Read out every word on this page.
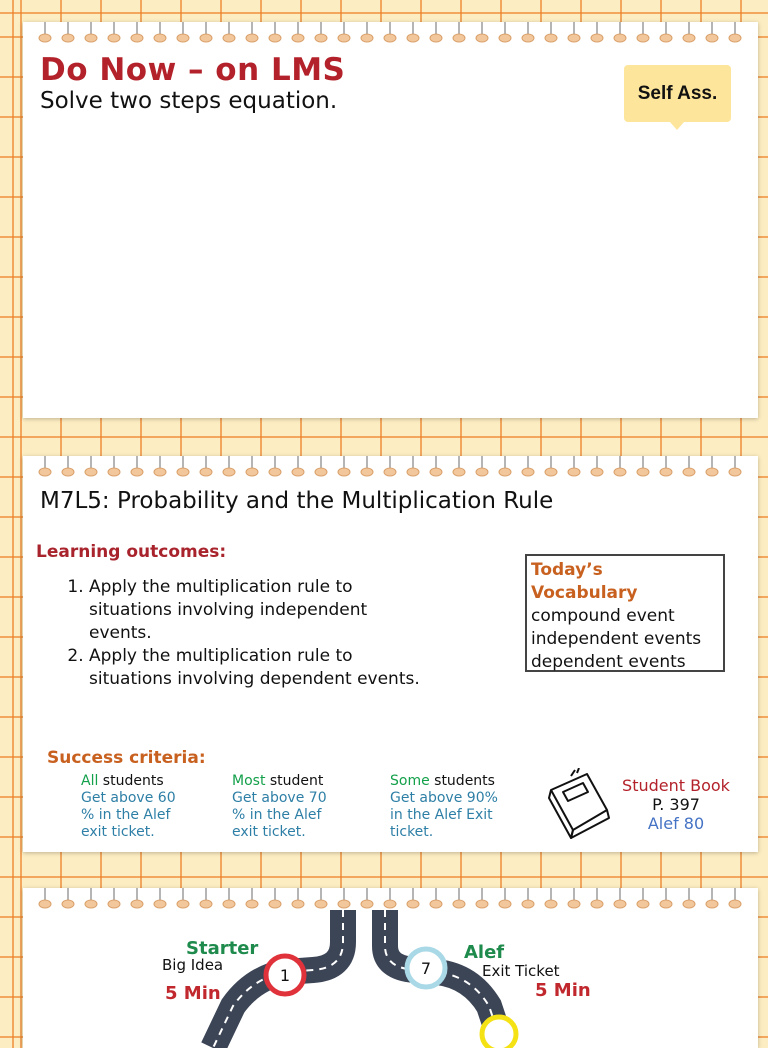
Do Now – on LMS
Solve two steps equation.	Self Ass.
M7L5: Probability and the Multiplication Rule
Learning outcomes:
1. Apply the multiplication rule to situations involving independent events.
2. Apply the multiplication rule to situations involving dependent events.
Today’s
Vocabulary
compound event
independent events
dependent events
Success criteria:
All students
Get above 60 % in the Alef exit ticket.
Most student
Get above 70 % in the Alef exit ticket.
Some students
Get above 90% in the Alef Exit ticket.
Student Book
P. 397
Alef 80
1	7
Starter
Big Idea
5 Min
Alef
Exit Ticket
5 Min
